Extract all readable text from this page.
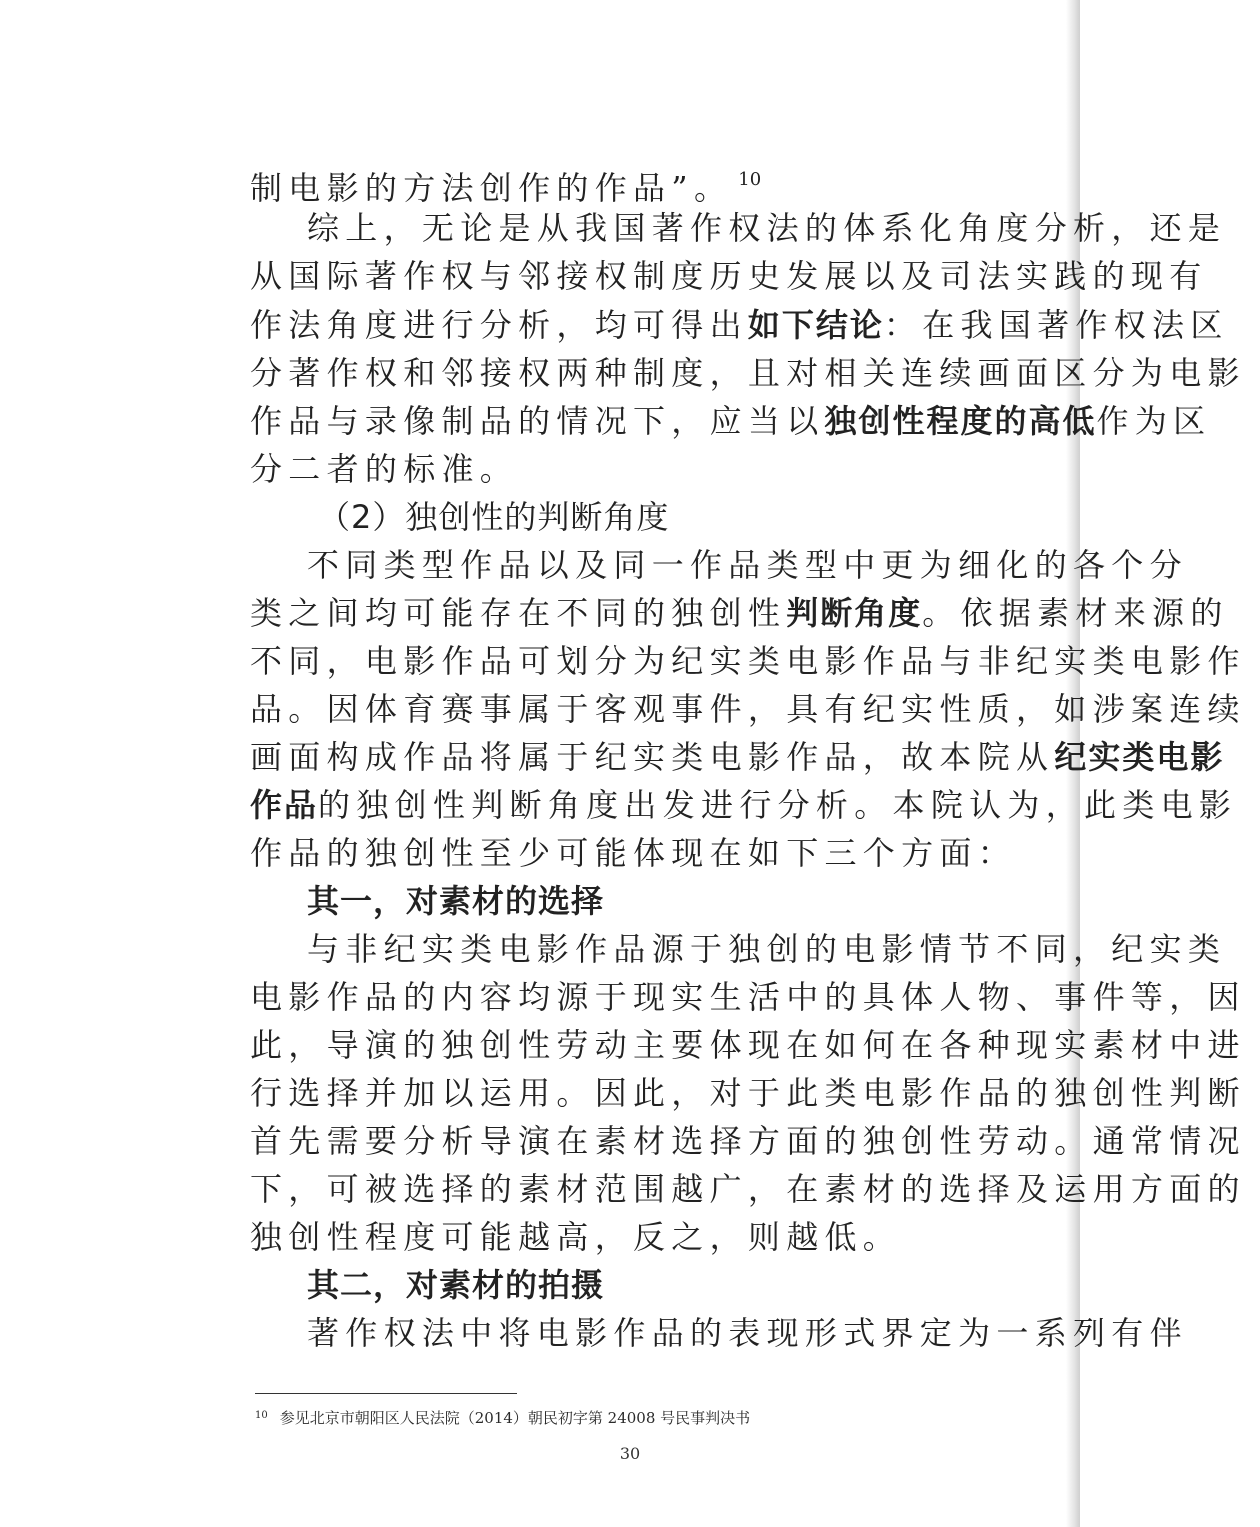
制电影的方法创作的作品”。 $^{10}$
综上，无论是从我国著作权法的体系化角度分析，还是
从国际著作权与邻接权制度历史发展以及司法实践的现有
作法角度进行分析，均可得出如下结论：在我国著作权法区
分著作权和邻接权两种制度，且对相关连续画面区分为电影
作品与录像制品的情况下，应当以独创性程度的高低作为区
分二者的标准。
（2）独创性的判断角度
不同类型作品以及同一作品类型中更为细化的各个分
类之间均可能存在不同的独创性判断角度。依据素材来源的
不同，电影作品可划分为纪实类电影作品与非纪实类电影作
品。因体育赛事属于客观事件，具有纪实性质，如涉案连续
画面构成作品将属于纪实类电影作品，故本院从纪实类电影
作品的独创性判断角度出发进行分析。本院认为，此类电影
作品的独创性至少可能体现在如下三个方面：
其一，对素材的选择
与非纪实类电影作品源于独创的电影情节不同，纪实类
电影作品的内容均源于现实生活中的具体人物、事件等，因
此，导演的独创性劳动主要体现在如何在各种现实素材中进
行选择并加以运用。因此，对于此类电影作品的独创性判断
首先需要分析导演在素材选择方面的独创性劳动。通常情况
下，可被选择的素材范围越广，在素材的选择及运用方面的
独创性程度可能越高，反之，则越低。
其二，对素材的拍摄
著作权法中将电影作品的表现形式界定为一系列有伴
$^{10}$ 参见北京市朝阳区人民法院（2014）朝民初字第 24008 号民事判决书
30
